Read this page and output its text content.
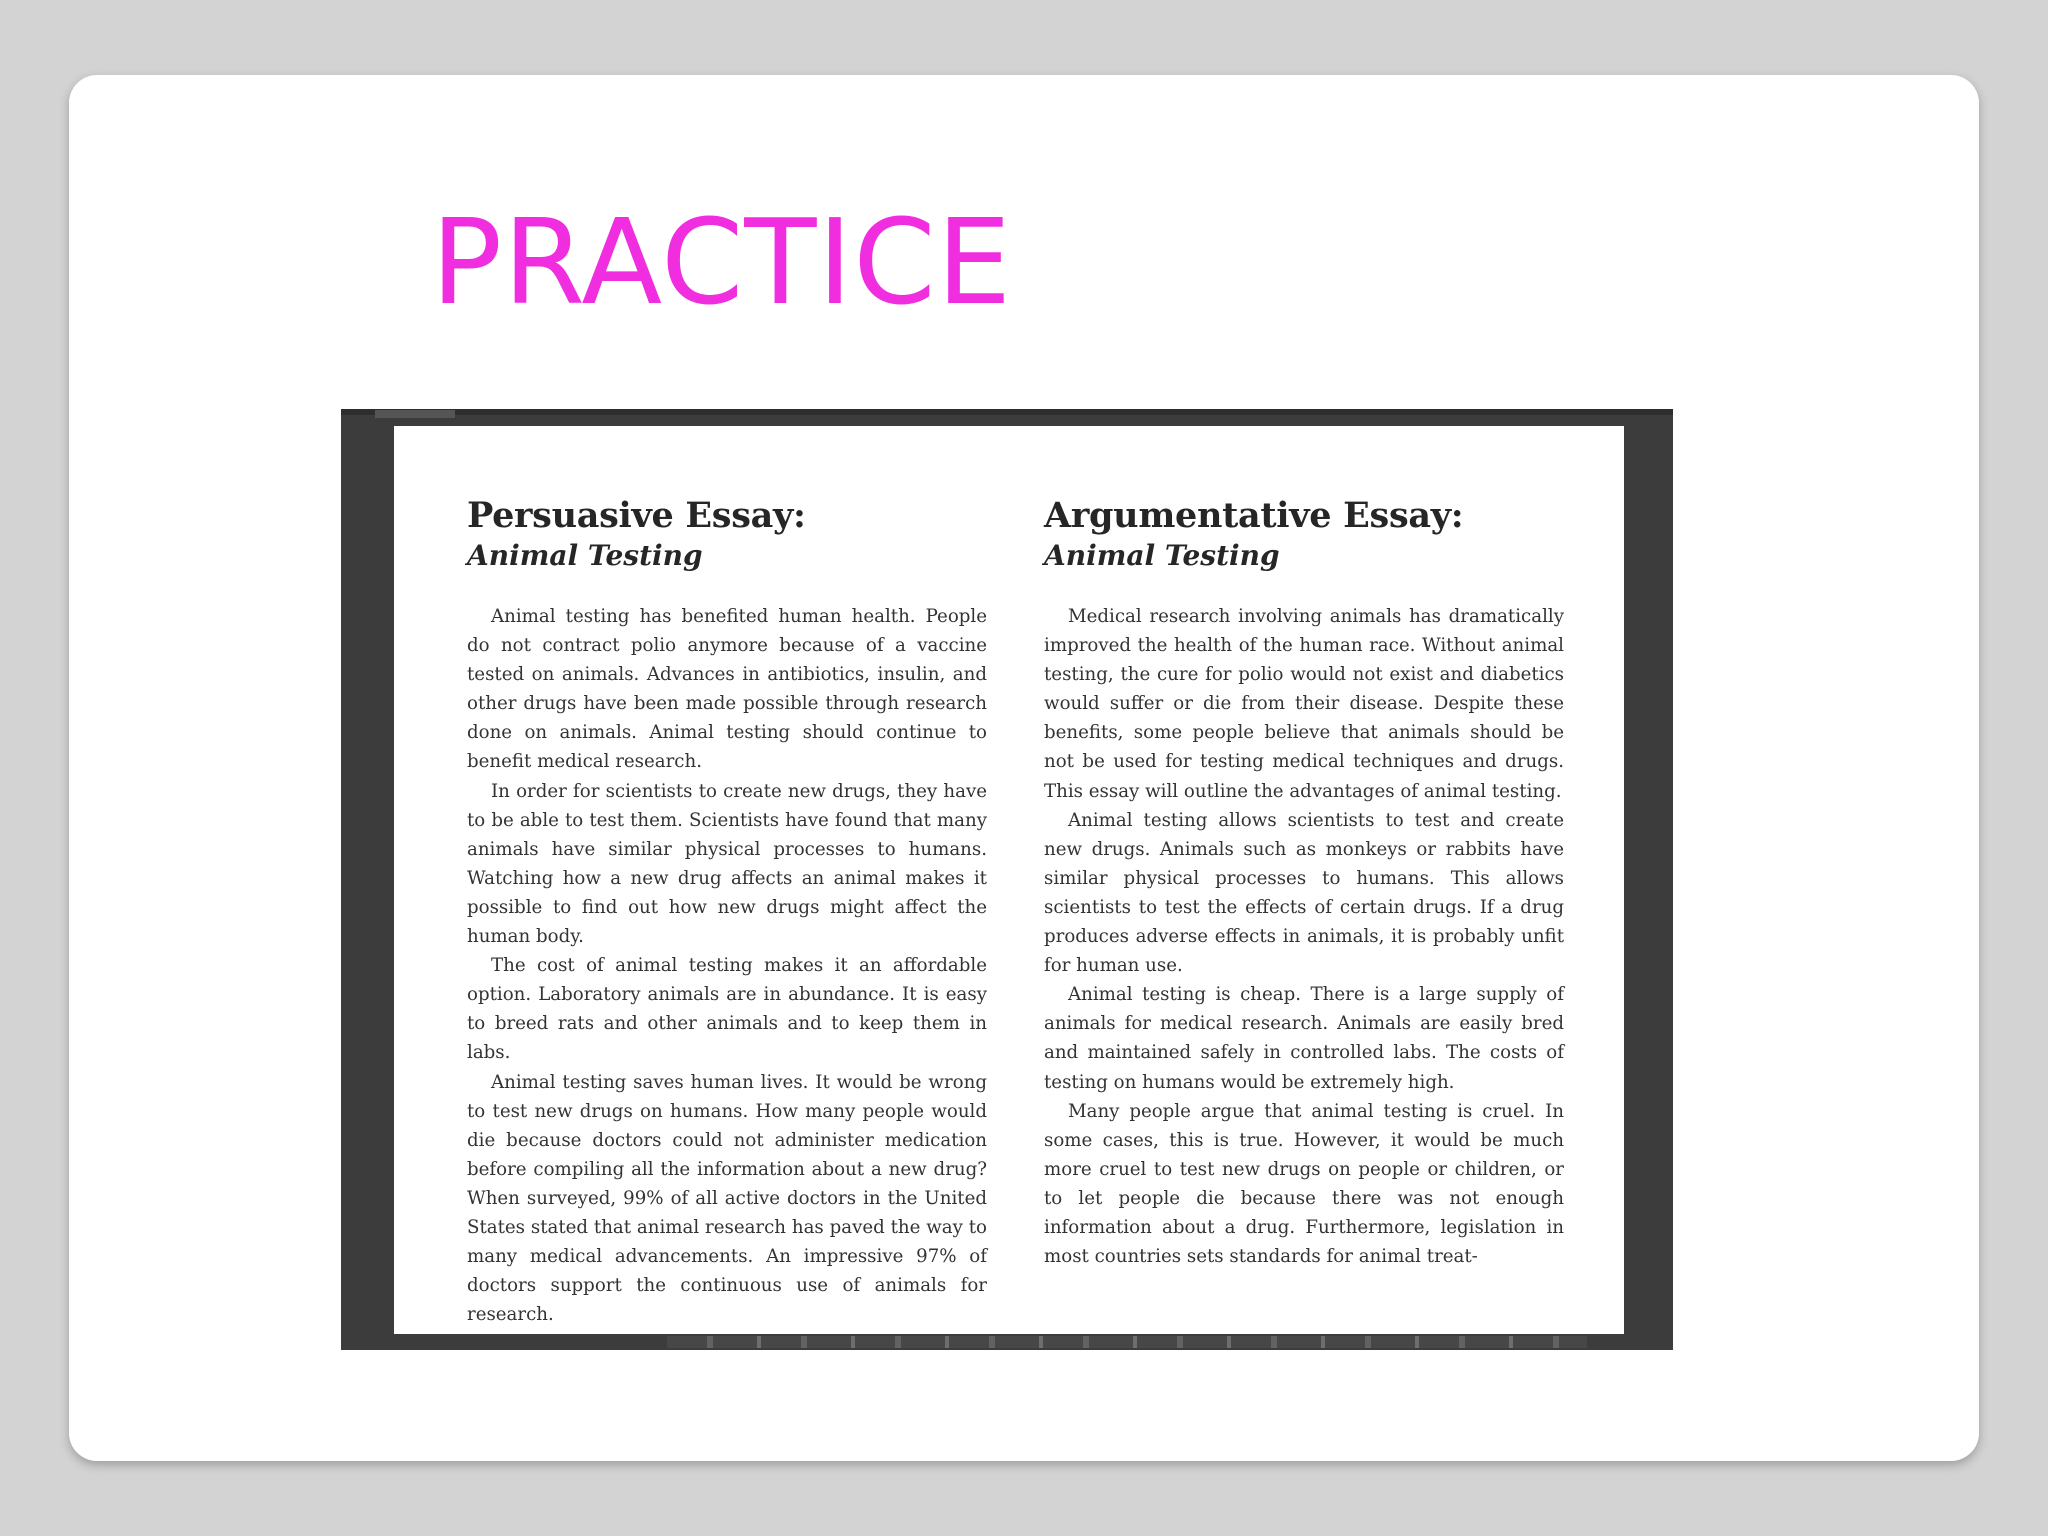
PRACTICE
Persuasive Essay:
Animal Testing

Animal testing has benefited human health. People do not contract polio anymore because of a vaccine tested on animals. Advances in antibiotics, insulin, and other drugs have been made possible through research done on animals. Animal testing should continue to benefit medical research.

In order for scientists to create new drugs, they have to be able to test them. Scientists have found that many animals have similar physical processes to humans. Watching how a new drug affects an animal makes it possible to find out how new drugs might affect the human body.

The cost of animal testing makes it an affordable option. Laboratory animals are in abundance. It is easy to breed rats and other animals and to keep them in labs.

Animal testing saves human lives. It would be wrong to test new drugs on humans. How many people would die because doctors could not administer medication before compiling all the information about a new drug? When surveyed, 99% of all active doctors in the United States stated that animal research has paved the way to many medical advancements. An impressive 97% of doctors support the continuous use of animals for research.

Argumentative Essay:
Animal Testing

Medical research involving animals has dramatically improved the health of the human race. Without animal testing, the cure for polio would not exist and diabetics would suffer or die from their disease. Despite these benefits, some people believe that animals should be not be used for testing medical techniques and drugs. This essay will outline the advantages of animal testing.

Animal testing allows scientists to test and create new drugs. Animals such as monkeys or rabbits have similar physical processes to humans. This allows scientists to test the effects of certain drugs. If a drug produces adverse effects in animals, it is probably unfit for human use.

Animal testing is cheap. There is a large supply of animals for medical research. Animals are easily bred and maintained safely in controlled labs. The costs of testing on humans would be extremely high.

Many people argue that animal testing is cruel. In some cases, this is true. However, it would be much more cruel to test new drugs on people or children, or to let people die because there was not enough information about a drug. Furthermore, legislation in most countries sets standards for animal treat-
